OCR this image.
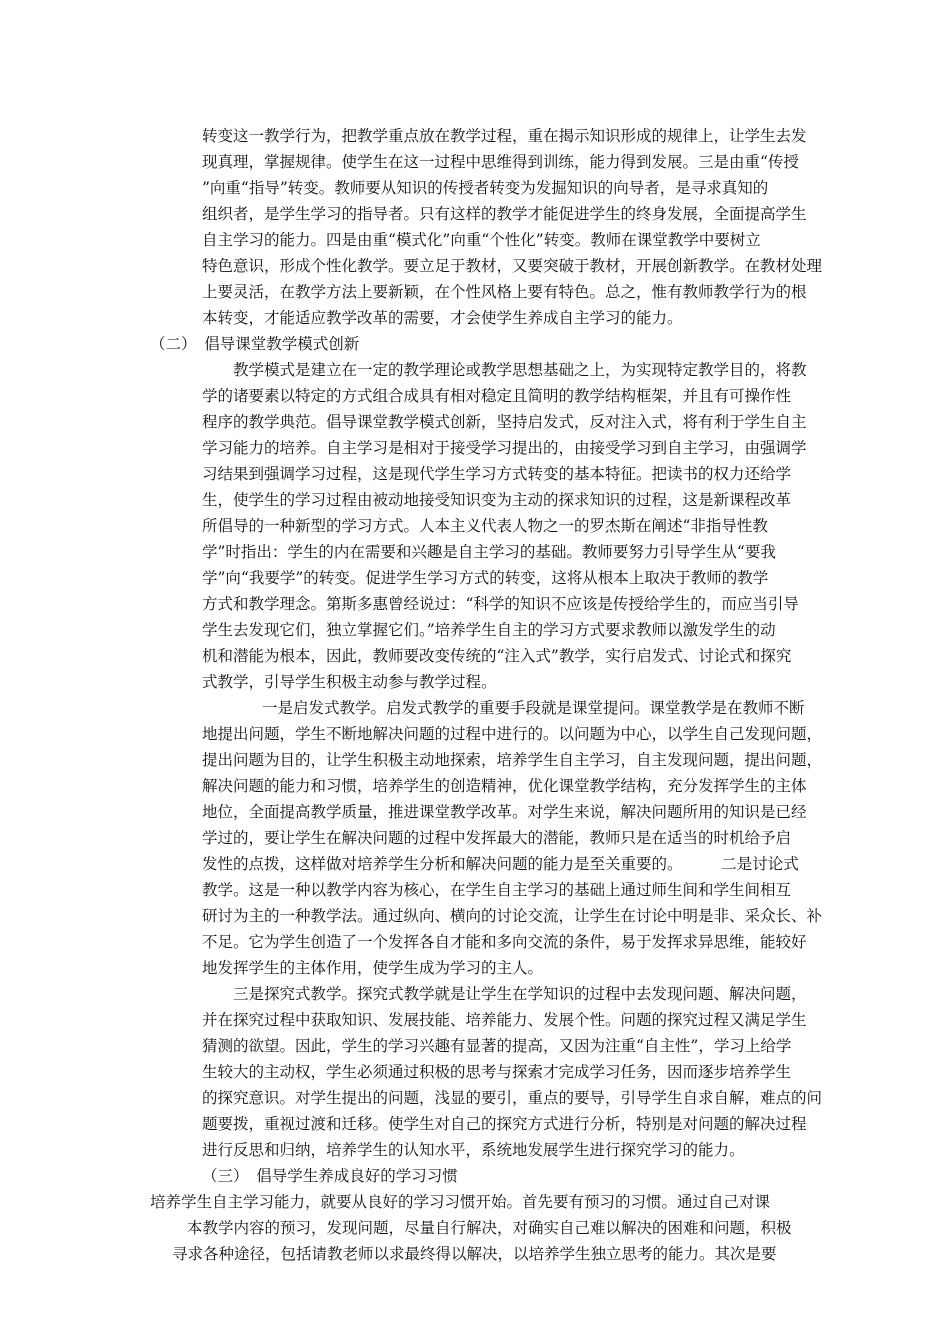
转变这一教学行为，把教学重点放在教学过程，重在揭示知识形成的规律上，让学生去发
现真理，掌握规律。使学生在这一过程中思维得到训练，能力得到发展。三是由重“传授
”向重“指导”转变。教师要从知识的传授者转变为发掘知识的向导者，是寻求真知的
组织者，是学生学习的指导者。只有这样的教学才能促进学生的终身发展，全面提高学生
自主学习的能力。四是由重“模式化”向重“个性化”转变。教师在课堂教学中要树立
特色意识，形成个性化教学。要立足于教材，又要突破于教材，开展创新教学。在教材处理
上要灵活，在教学方法上要新颖，在个性风格上要有特色。总之，惟有教师教学行为的根
本转变，才能适应教学改革的需要，才会使学生养成自主学习的能力。
（二）　倡导课堂教学模式创新
教学模式是建立在一定的教学理论或教学思想基础之上，为实现特定教学目的，将教
学的诸要素以特定的方式组合成具有相对稳定且简明的教学结构框架，并且有可操作性
程序的教学典范。倡导课堂教学模式创新，坚持启发式，反对注入式，将有利于学生自主
学习能力的培养。自主学习是相对于接受学习提出的，由接受学习到自主学习，由强调学
习结果到强调学习过程，这是现代学生学习方式转变的基本特征。把读书的权力还给学
生，使学生的学习过程由被动地接受知识变为主动的探求知识的过程，这是新课程改革
所倡导的一种新型的学习方式。人本主义代表人物之一的罗杰斯在阐述“非指导性教
学”时指出：学生的内在需要和兴趣是自主学习的基础。教师要努力引导学生从“要我
学”向“我要学”的转变。促进学生学习方式的转变，这将从根本上取决于教师的教学
方式和教学理念。第斯多惠曾经说过：“科学的知识不应该是传授给学生的，而应当引导
学生去发现它们，独立掌握它们。”培养学生自主的学习方式要求教师以激发学生的动
机和潜能为根本，因此，教师要改变传统的“注入式”教学，实行启发式、讨论式和探究
式教学，引导学生积极主动参与教学过程。
一是启发式教学。启发式教学的重要手段就是课堂提问。课堂教学是在教师不断
地提出问题，学生不断地解决问题的过程中进行的。以问题为中心，以学生自己发现问题，
提出问题为目的，让学生积极主动地探索，培养学生自主学习，自主发现问题，提出问题，
解决问题的能力和习惯，培养学生的创造精神，优化课堂教学结构，充分发挥学生的主体
地位，全面提高教学质量，推进课堂教学改革。对学生来说，解决问题所用的知识是已经
学过的，要让学生在解决问题的过程中发挥最大的潜能，教师只是在适当的时机给予启
发性的点拨，这样做对培养学生分析和解决问题的能力是至关重要的。　　　二是讨论式
教学。这是一种以教学内容为核心，在学生自主学习的基础上通过师生间和学生间相互
研讨为主的一种教学法。通过纵向、横向的讨论交流，让学生在讨论中明是非、采众长、补
不足。它为学生创造了一个发挥各自才能和多向交流的条件，易于发挥求异思维，能较好
地发挥学生的主体作用，使学生成为学习的主人。
三是探究式教学。探究式教学就是让学生在学知识的过程中去发现问题、解决问题，
并在探究过程中获取知识、发展技能、培养能力、发展个性。问题的探究过程又满足学生
猜测的欲望。因此，学生的学习兴趣有显著的提高，又因为注重“自主性”，学习上给学
生较大的主动权，学生必须通过积极的思考与探索才完成学习任务，因而逐步培养学生
的探究意识。对学生提出的问题，浅显的要引，重点的要导，引导学生自求自解，难点的问
题要拨，重视过渡和迁移。使学生对自己的探究方式进行分析，特别是对问题的解决过程
进行反思和归纳，培养学生的认知水平，系统地发展学生进行探究学习的能力。
（三）　倡导学生养成良好的学习习惯
培养学生自主学习能力，就要从良好的学习习惯开始。首先要有预习的习惯。通过自己对课
本教学内容的预习，发现问题，尽量自行解决，对确实自己难以解决的困难和问题，积极
寻求各种途径，包括请教老师以求最终得以解决，以培养学生独立思考的能力。其次是要
